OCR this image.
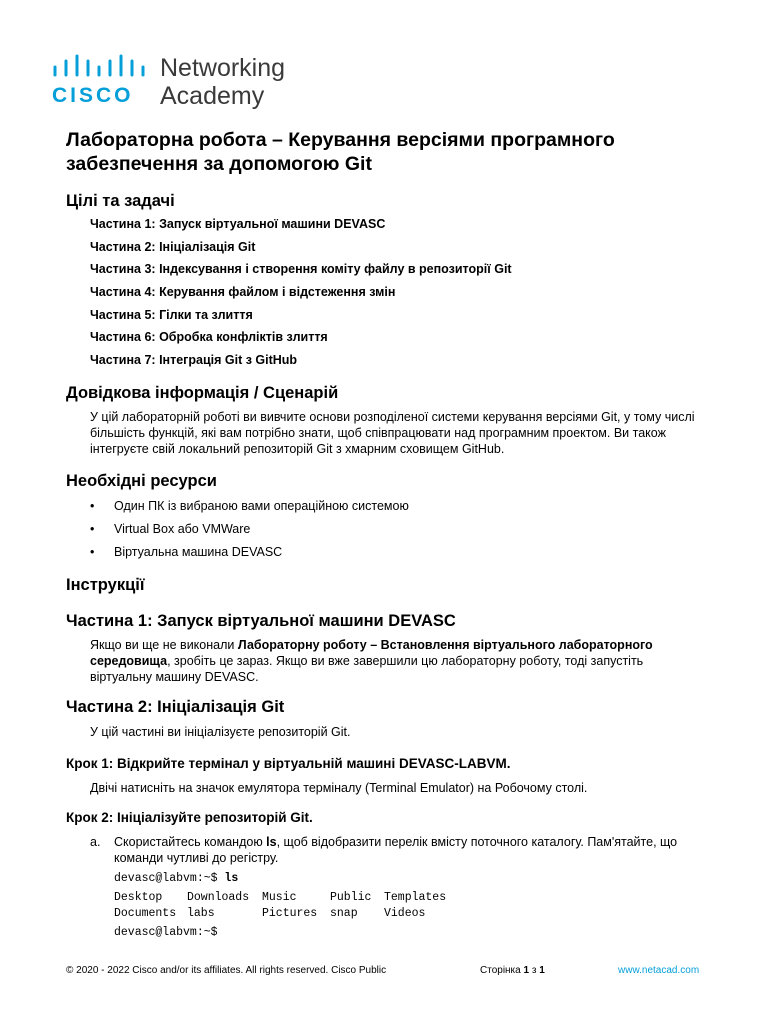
CISCO
Networking
Academy
Лабораторна робота – Керування версіями програмного забезпечення за допомогою Git
Цілі та задачі
Частина 1: Запуск віртуальної машини DEVASC
Частина 2: Ініціалізація Git
Частина 3: Індексування і створення коміту файлу в репозиторії Git
Частина 4: Керування файлом і відстеження змін
Частина 5: Гілки та злиття
Частина 6: Обробка конфліктів злиття
Частина 7: Інтеграція Git з GitHub
Довідкова інформація / Сценарій

У цій лабораторній роботі ви вивчите основи розподіленої системи керування версіями Git, у тому числі більшість функцій, які вам потрібно знати, щоб співпрацювати над програмним проектом. Ви також інтегруєте свій локальний репозиторій Git з хмарним сховищем GitHub.

Необхідні ресурси
• Один ПК із вибраною вами операційною системою
• Virtual Box або VMWare
• Віртуальна машина DEVASC
Інструкції
Частина 1: Запуск віртуальної машини DEVASC

Якщо ви ще не виконали Лабораторну роботу – Встановлення віртуального лабораторного середовища, зробіть це зараз. Якщо ви вже завершили цю лабораторну роботу, тоді запустіть віртуальну машину DEVASC.

Частина 2: Ініціалізація Git

У цій частині ви ініціалізуєте репозиторій Git.

Крок 1: Відкрийте термінал у віртуальній машині DEVASC-LABVM.

Двічі натисніть на значок емулятора терміналу (Terminal Emulator) на Робочому столі.

Крок 2: Ініціалізуйте репозиторій Git.
a. Скористайтесь командою ls, щоб відобразити перелік вмісту поточного каталогу. Пам'ятайте, що команди чутливі до регістру.
devasc@labvm:~$ ls
Desktop Downloads Music	Public Templates
Documents labs	Pictures snap Videos
devasc@labvm:~$
© 2020 - 2022 Cisco and/or its affiliates. All rights reserved. Cisco Public	Сторінка 1 з 1	www.netacad.com
